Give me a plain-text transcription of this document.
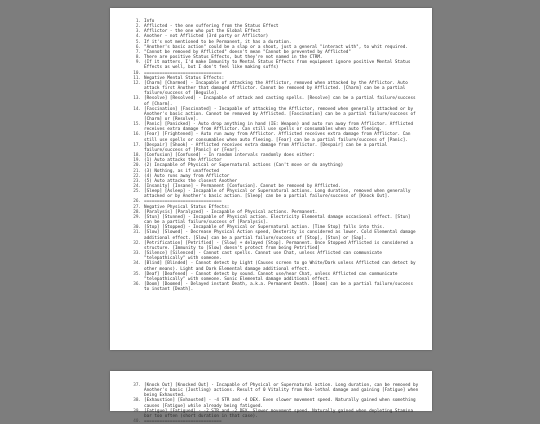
1. Info
2. Afflicted - the one suffering from the Status Effect
3. Afflictor - the one who put the Global Effect
4. Another - not Afflicted (3rd party or Afflictor)
5. If it's not mentioned to be Permanent, it has a duration.
6. "Another's basic action" could be a slap or a shoot, just a general "interact with", to whit required.
7. "Cannot be removed by Afflicted" doesn't mean "Cannot be prevented by Afflicted"
8. There are positive Status Effects, but they're not named in the CTRM.
9. (If it matters, I'd make Immunity to Mental Status Effects from equipment ignore positive Mental Status Effects as well, but I don't feel like making suffs)
10. ==============================
11. Negative Mental Status Effects:
12. [Charm] [Charmed] - Incapable of attacking the Afflictor, removed when attacked by the Afflictor. Auto attack first Another that damaged Afflictor. Cannot be removed by Afflicted. [Charm] can be a partial failure/success of [Beguile].
13. [Resolve] [Resolved] - Incapable of attack and casting spells. [Resolve] can be a partial failure/success of [Charm].
14. [Fascination] [Fascinated] - Incapable of attacking the Afflictor, removed when generally attacked or by Another's basic action. Cannot be removed by Afflicted. [Fascination] can be a partial failure/success of [Charm] or [Resolve].
15. [Panic] [Panicked] - Auto drop anything in hand (IE: Weapon) and auto run away from Afflictor. Afflicted receives extra damage from Afflictor. Can still use spells or consumables when auto fleeing.
16. [Fear] [Frightened] - Auto run away from Afflictor. Afflicted receives extra damage from Afflictor. Can still use spells or consumables when auto fleeing. [Fear] can be a partial failure/success of [Panic].
17. [Despair] [Shook] - Afflicted receives extra damage from Afflictor. [Despair] can be a partial failure/success of [Panic] or [Fear].
18. [Confusion] [Confused] - In random intervals randomly does either:
19. (1) Auto attacks the Afflictor
20. (2) Incapable of Physical or Supernatural actions (Can't move or do anything)
21. (3) Nothing, as if unaffected
22. (4) Auto runs away from Afflictor
23. (5) Auto attacks the closest Another
24. [Insanity] [Insane] - Permanent [Confusion]. Cannot be removed by Afflicted.
25. [Sleep] [Asleep] - Incapable of Physical or Supernatural actions. Long duration, removed when generally attacked or by Another's basic action. [Sleep] can be a partial failure/success of [Knock Out].
26. ==============================
27. Negative Physical Status Effects:
28. [Paralysis] [Paralyzed] - Incapable of Physical actions. Permanent.
29. [Stun] [Stunned] - Incapable of Physical action. Electricity Elemental damage occasional effect. [Stun] can be a partial failure/success of [Paralysis].
30. [Stop] [Stopped] - Incapable of Physical or Supernatural action. [Time Stop] falls into this.
31. [Slow] [Slowed] - Decrease Physical Action speed, Dexterity is considered as lower. Cold Elemental damage additional effect. [Slow] can be a partial failure/success of [Stop], [Stun] or [Sap].
32. [Petrification] [Petrified] - [Slow] + delayed [Stop]. Permanent. Once Stopped Afflicted is considered a structure. [Immunity to [Slow] doesn't protect from being Petrified]
33. [Silence] [Silenced] - Cannot cast spells. Cannot use Chat, unless Afflicted can communicate "telepathically" with someone.
34. [Blind] [Blinded] - Cannot detect by Light (Causes screen to go White/Dark unless Afflicted can detect by other means). Light and Dark Elemental damage additional effect.
35. [Deaf] [Deafened] - Cannot detect by sound. Cannot use/hear Chat, unless Afflicted can communicate "telepathically" with someone. Sonic Elemental damage additional effect.
36. [Doom] [Doomed] - Delayed instant Death, a.k.a. Permanent Death. [Doom] can be a partial failure/success to instant [Death].
37. [Knock Out] [Knocked Out] - Incapable of Physical or Supernatural action. Long duration, can be removed by Another's basic (Jostling) actions. Result of 0 Vitality from Non-lethal damage and gaining [Fatigue] when being Exhausted.
38. [Exhaustion] [Exhausted] - -4 STR and -4 DEX. Even slower movement speed. Naturally gained when something causes [Fatigue] while already being fatigued.
39. [Fatigue] [Fatigued] - -2 STR and -2 DEX. Slower movement speed. Naturally gained when depleting Stamina bar too often (short duration in that case).
40. ==============================
